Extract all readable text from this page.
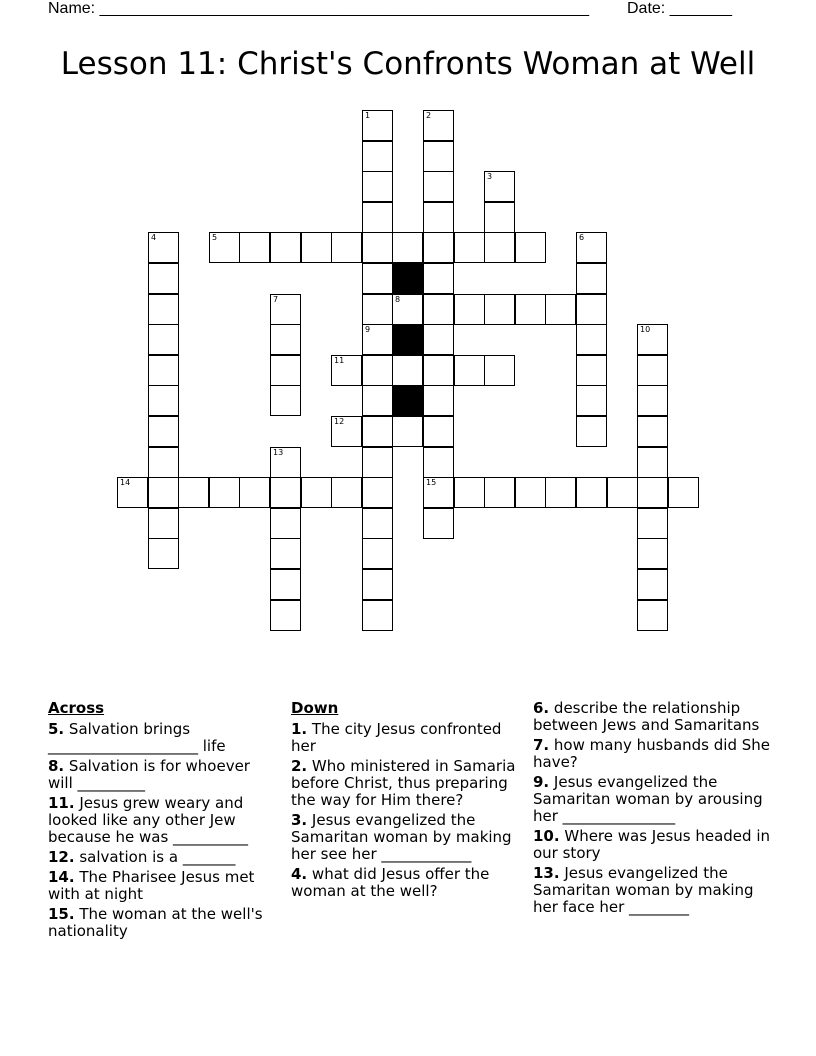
Name: _______________________________________________________ Date: _______
Lesson 11: Christ's Confronts Woman at Well
5
8
11
12
14	15
1
9
2
3
4	6
7
10
13
Across
5. Salvation brings ____________________ life
8. Salvation is for whoever will _________
11. Jesus grew weary and looked like any other Jew because he was __________
12. salvation is a _______
14. The Pharisee Jesus met with at night
15. The woman at the well's nationality
Down
1. The city Jesus confronted her
2. Who ministered in Samaria before Christ, thus preparing the way for Him there?
3. Jesus evangelized the Samaritan woman by making her see her ____________
4. what did Jesus offer the woman at the well?
6. describe the relationship between Jews and Samaritans
7. how many husbands did She have?
9. Jesus evangelized the Samaritan woman by arousing her _______________
10. Where was Jesus headed in our story
13. Jesus evangelized the Samaritan woman by making her face her ________
